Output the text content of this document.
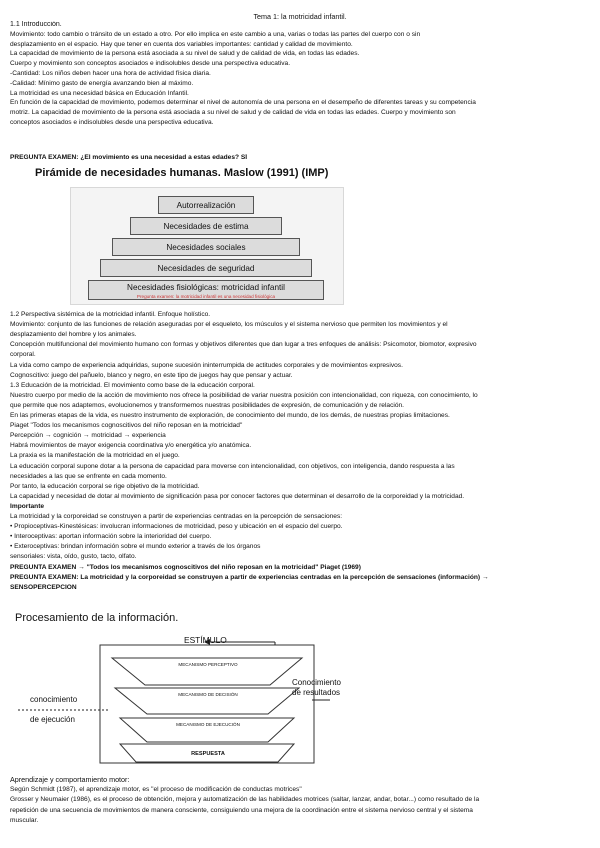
Tema 1: la motricidad infantil.
1.1 Introducción.
Movimiento: todo cambio o tránsito de un estado a otro. Por ello implica en este cambio a una, varias o todas las partes del cuerpo con o sin
desplazamiento en el espacio. Hay que tener en cuenta dos variables importantes: cantidad y calidad de movimiento.
La capacidad de movimiento de la persona está asociada a su nivel de salud y de calidad de vida, en todas las edades.
Cuerpo y movimiento son conceptos asociados e indisolubles desde una perspectiva educativa.
-Cantidad: Los niños deben hacer una hora de actividad física diaria.
-Calidad: Mínimo gasto de energía avanzando bien al máximo.
La motricidad es una necesidad básica en Educación Infantil.
En función de la capacidad de movimiento, podemos determinar el nivel de autonomía de una persona en el desempeño de diferentes tareas y su competencia
motriz. La capacidad de movimiento de la persona está asociada a su nivel de salud y de calidad de vida en todas las edades. Cuerpo y movimiento son
conceptos asociados e indisolubles desde una perspectiva educativa.
PREGUNTA EXAMEN: ¿El movimiento es una necesidad a estas edades? SÍ
Pirámide de necesidades humanas. Maslow (1991) (IMP)
Autorrealización
Necesidades de estima
Necesidades sociales
Necesidades de seguridad
Necesidades fisiológicas: motricidad infantil
Pregunta examen: la motricidad infantil es una necesidad fisiológica
1.2 Perspectiva sistémica de la motricidad infantil. Enfoque holístico.
Movimiento: conjunto de las funciones de relación aseguradas por el esqueleto, los músculos y el sistema nervioso que permiten los movimientos y el
desplazamiento del hombre y los animales.
Concepción multifuncional del movimiento humano con formas y objetivos diferentes que dan lugar a tres enfoques de análisis: Psicomotor, biomotor, expresivo
corporal.
La vida como campo de experiencia adquiridas, supone sucesión ininterrumpida de actitudes corporales y de movimientos expresivos.
Cognoscitivo: juego del pañuelo, blanco y negro, en este tipo de juegos hay que pensar y actuar.
1.3 Educación de la motricidad. El movimiento como base de la educación corporal.
Nuestro cuerpo por medio de la acción de movimiento nos ofrece la posibilidad de variar nuestra posición con intencionalidad, con riqueza, con conocimiento, lo
que permite que nos adaptemos, evolucionemos y transformemos nuestras posibilidades de expresión, de comunicación y de relación.
En las primeras etapas de la vida, es nuestro instrumento de exploración, de conocimiento del mundo, de los demás, de nuestras propias limitaciones.
Piaget "Todos los mecanismos cognoscitivos del niño reposan en la motricidad"
Percepción → cognición → motricidad → experiencia
Habrá movimientos de mayor exigencia coordinativa y/o energética y/o anatómica.
La praxia es la manifestación de la motricidad en el juego.
La educación corporal supone dotar a la persona de capacidad para moverse con intencionalidad, con objetivos, con inteligencia, dando respuesta a las
necesidades a las que se enfrente en cada momento.
Por tanto, la educación corporal se rige objetivo de la motricidad.
La capacidad y necesidad de dotar al movimiento de significación pasa por conocer factores que determinan el desarrollo de la corporeidad y la motricidad.
Importante
La motricidad y la corporeidad se construyen a partir de experiencias centradas en la percepción de sensaciones:
• Propioceptivas-Kinestésicas: involucran informaciones de motricidad, peso y ubicación en el espacio del cuerpo.
• Interoceptivas: aportan información sobre la interioridad del cuerpo.
• Exteroceptivas: brindan información sobre el mundo exterior a través de los órganos
sensoriales: vista, oído, gusto, tacto, olfato.
PREGUNTA EXAMEN → "Todos los mecanismos cognoscitivos del niño reposan en la motricidad" Piaget (1969)
PREGUNTA EXAMEN: La motricidad y la corporeidad se construyen a partir de experiencias centradas en la percepción de sensaciones (información) →
SENSOPERCEPCIÓN
Procesamiento de la información.
ESTÍMULO
MECANISMO PERCEPTIVO
MECANISMO DE DECISIÓN
MECANISMO DE EJECUCIÓN
RESPUESTA
conocimiento

de ejecución
Conocimiento
de resultados
Aprendizaje y comportamiento motor:
Según Schmidt (1987), el aprendizaje motor, es "el proceso de modificación de conductas motrices"
Grosser y Neumaier (1986), es el proceso de obtención, mejora y automatización de las habilidades motrices (saltar, lanzar, andar, botar...) como resultado de la
repetición de una secuencia de movimientos de manera consciente, consiguiendo una mejora de la coordinación entre el sistema nervioso central y el sistema
muscular.
